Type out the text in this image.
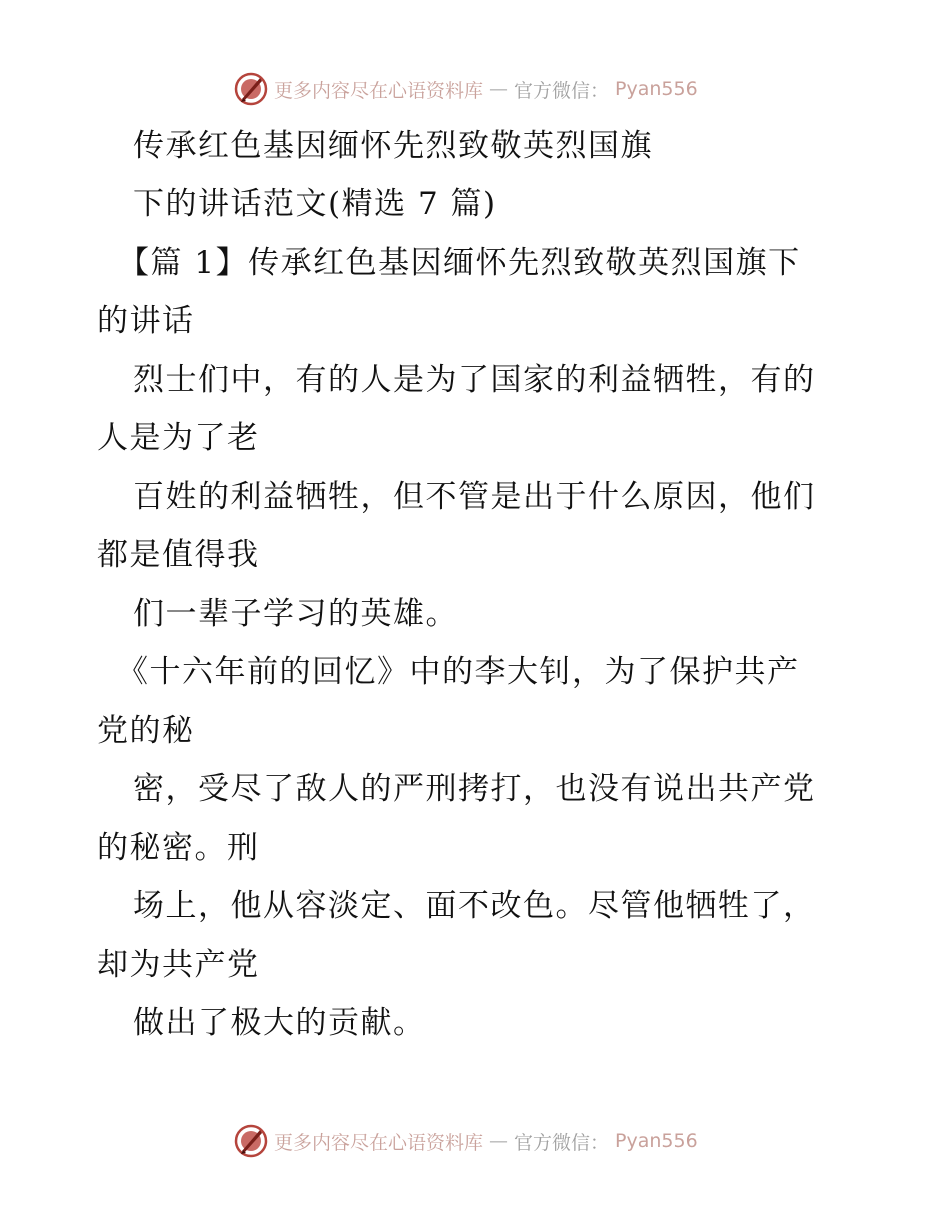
更多内容尽在心语资料库 — 官方微信： Pyan556
传承红色基因缅怀先烈致敬英烈国旗
下的讲话范文(精选 7 篇)
【篇 1】传承红色基因缅怀先烈致敬英烈国旗下
的讲话
烈士们中，有的人是为了国家的利益牺牲，有的
人是为了老
百姓的利益牺牲，但不管是出于什么原因，他们
都是值得我
们一辈子学习的英雄。
《十六年前的回忆》中的李大钊，为了保护共产
党的秘
密，受尽了敌人的严刑拷打，也没有说出共产党
的秘密。刑
场上，他从容淡定、面不改色。尽管他牺牲了，
却为共产党
做出了极大的贡献。
更多内容尽在心语资料库 — 官方微信： Pyan556
